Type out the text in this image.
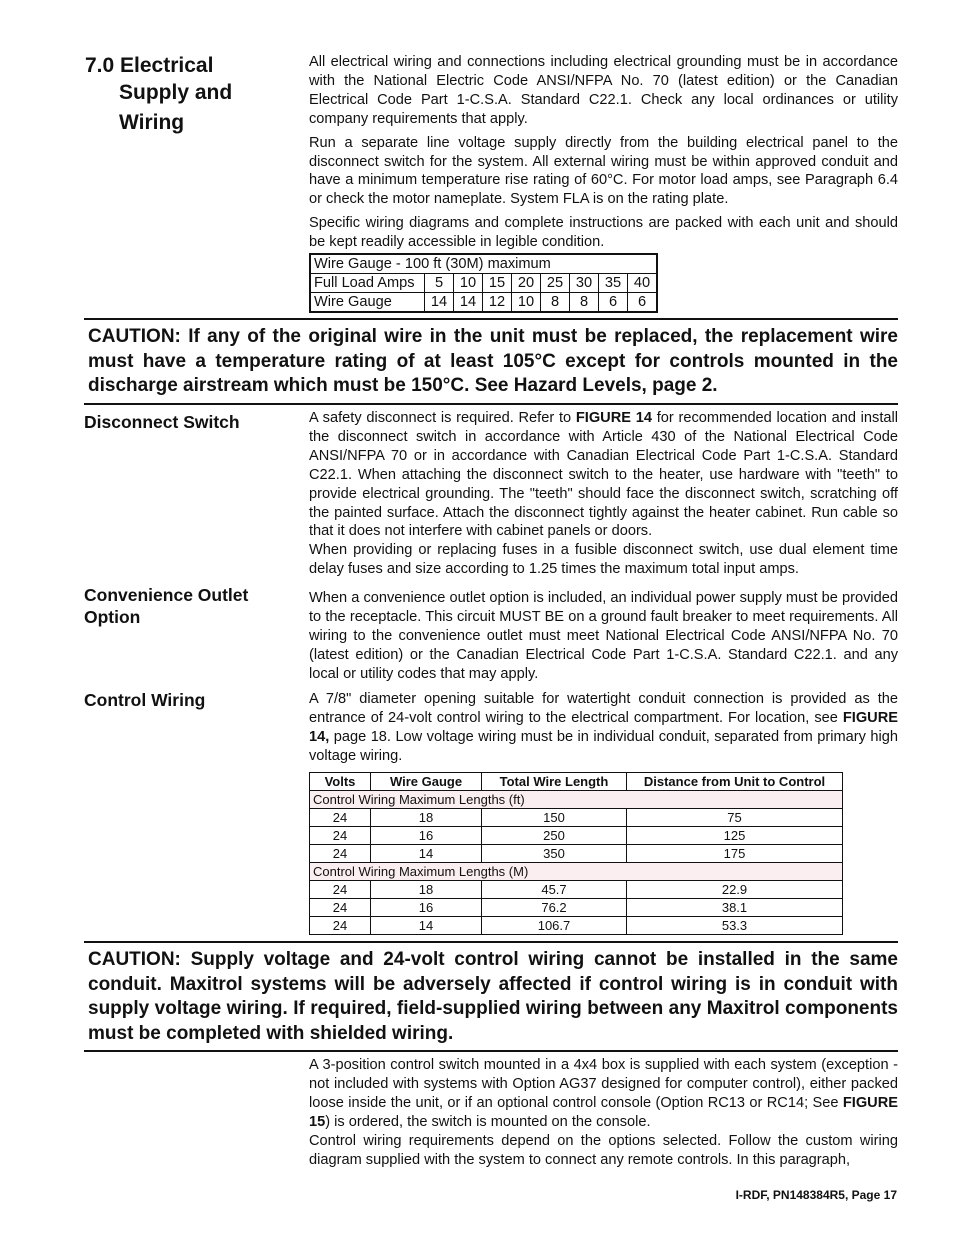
7.0 Electrical
Supply and
Wiring

All electrical wiring and connections including electrical grounding must be in accordance with the National Electric Code ANSI/NFPA No. 70 (latest edition) or the Canadian Electrical Code Part 1-C.S.A. Standard C22.1. Check any local ordinances or utility company requirements that apply.

Run a separate line voltage supply directly from the building electrical panel to the disconnect switch for the system. All external wiring must be within approved conduit and have a minimum temperature rise rating of 60°C. For motor load amps, see Paragraph 6.4 or check the motor nameplate. System FLA is on the rating plate.

Specific wiring diagrams and complete instructions are packed with each unit and should be kept readily accessible in legible condition.

Wire Gauge - 100 ft (30M) maximum								
Full Load Amps	5	10	15	20	25	30	35	40
Wire Gauge	14	14	12	10	8	8	6	6
CAUTION: If any of the original wire in the unit must be replaced, the replacement wire must have a temperature rating of at least 105°C except for controls mounted in the discharge airstream which must be 150°C. See Hazard Levels, page 2.
Disconnect Switch	A safety disconnect is required. Refer to FIGURE 14 for recommended location and install the disconnect switch in accordance with Article 430 of the National Electrical Code ANSI/NFPA 70 or in accordance with Canadian Electrical Code Part 1-C.S.A. Standard C22.1. When attaching the disconnect switch to the heater, use hardware with "teeth" to provide electrical grounding. The "teeth" should face the disconnect switch, scratching off the painted surface. Attach the disconnect tightly against the heater cabinet. Run cable so that it does not interfere with cabinet panels or doors.

When providing or replacing fuses in a fusible disconnect switch, use dual element time delay fuses and size according to 1.25 times the maximum total input amps.

Convenience Outlet
Option

When a convenience outlet option is included, an individual power supply must be provided to the receptacle. This circuit MUST BE on a ground fault breaker to meet requirements. All wiring to the convenience outlet must meet National Electrical Code ANSI/NFPA No. 70 (latest edition) or the Canadian Electrical Code Part 1-C.S.A. Standard C22.1. and any local or utility codes that may apply.

Control Wiring	A 7/8" diameter opening suitable for watertight conduit connection is provided as the entrance of 24-volt control wiring to the electrical compartment. For location, see FIGURE 14, page 18. Low voltage wiring must be in individual conduit, separated from primary high voltage wiring.

Volts	Wire Gauge	Total Wire Length	Distance from Unit to Control
Control Wiring Maximum Lengths (ft)			
24	18	150	75
24	16	250	125
24	14	350	175
Control Wiring Maximum Lengths (M)			
24	18	45.7	22.9
24	16	76.2	38.1
24	14	106.7	53.3
CAUTION: Supply voltage and 24-volt control wiring cannot be installed in the same conduit. Maxitrol systems will be adversely affected if control wiring is in conduit with supply voltage wiring. If required, field-supplied wiring between any Maxitrol components must be completed with shielded wiring.

A 3-position control switch mounted in a 4x4 box is supplied with each system (exception - not included with systems with Option AG37 designed for computer control), either packed loose inside the unit, or if an optional control console (Option RC13 or RC14; See FIGURE 15) is ordered, the switch is mounted on the console.

Control wiring requirements depend on the options selected. Follow the custom wiring diagram supplied with the system to connect any remote controls. In this paragraph,

I-RDF, PN148384R5, Page 17
